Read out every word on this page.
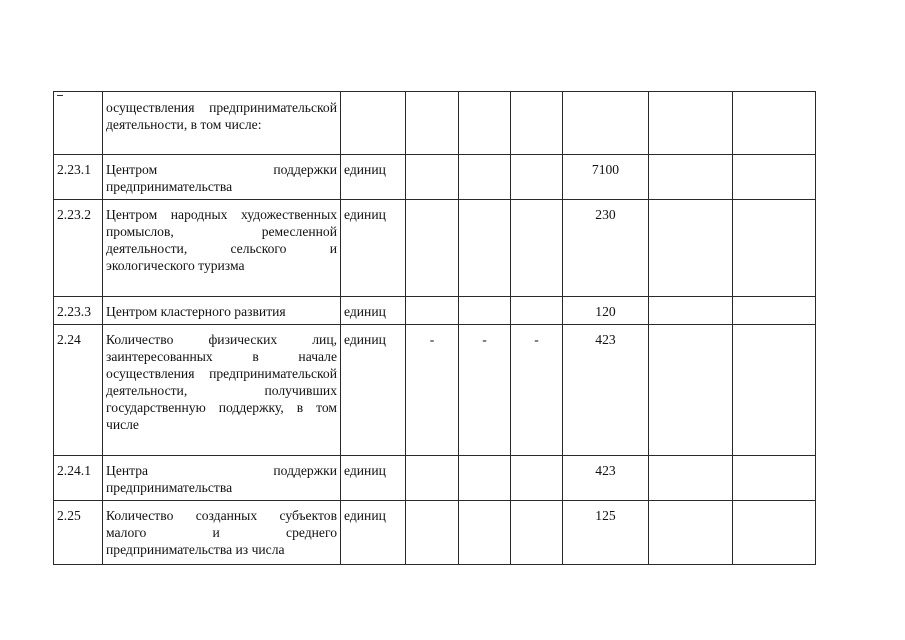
	осуществления предпринимательской деятельности, в том числе:							
2.23.1	Центром поддержки предпринимательства	единиц				7100		
2.23.2	Центром народных художественных промыслов, ремесленной деятельности, сельского и экологического туризма	единиц				230		
2.23.3	Центром кластерного развития	единиц				120		
2.24	Количество физических лиц, заинтересованных в начале осуществления предпринимательской деятельности, получивших государственную поддержку, в том числе	единиц	-	-	-	423		
2.24.1	Центра поддержки предпринимательства	единиц				423		
2.25	Количество созданных субъектов малого и среднего предпринимательства из числа	единиц				125		
